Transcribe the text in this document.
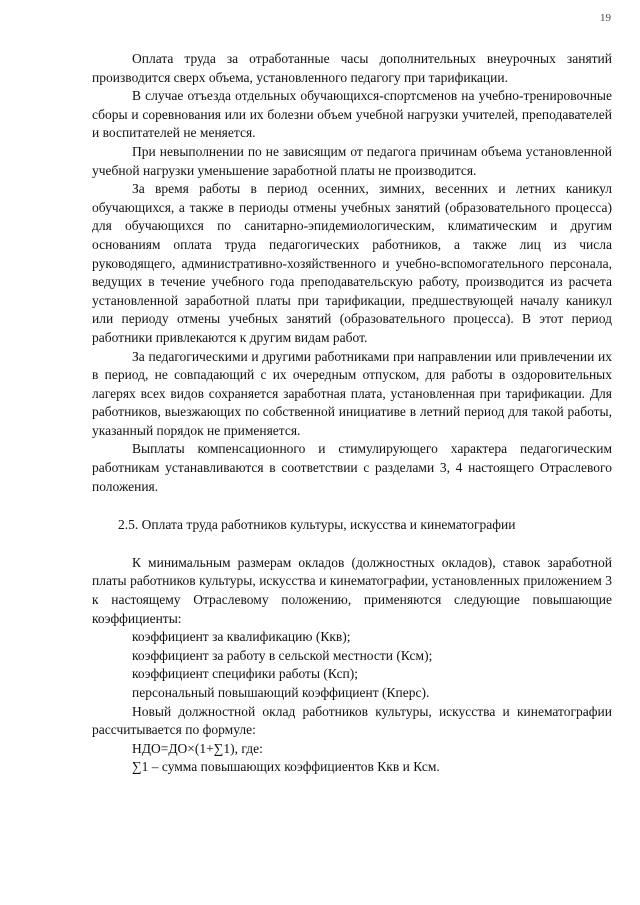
19

Оплата труда за отработанные часы дополнительных внеурочных занятий производится сверх объема, установленного педагогу при тарификации.

В случае отъезда отдельных обучающихся-спортсменов на учебно-тренировочные сборы и соревнования или их болезни объем учебной нагрузки учителей, преподавателей и воспитателей не меняется.

При невыполнении по не зависящим от педагога причинам объема установленной учебной нагрузки уменьшение заработной платы не производится.

За время работы в период осенних, зимних, весенних и летних каникул обучающихся, а также в периоды отмены учебных занятий (образовательного процесса) для обучающихся по санитарно-эпидемиологическим, климатическим и другим основаниям оплата труда педагогических работников, а также лиц из числа руководящего, административно-хозяйственного и учебно-вспомогательного персонала, ведущих в течение учебного года преподавательскую работу, производится из расчета установленной заработной платы при тарификации, предшествующей началу каникул или периоду отмены учебных занятий (образовательного процесса). В этот период работники привлекаются к другим видам работ.

За педагогическими и другими работниками при направлении или привлечении их в период, не совпадающий с их очередным отпуском, для работы в оздоровительных лагерях всех видов сохраняется заработная плата, установленная при тарификации. Для работников, выезжающих по собственной инициативе в летний период для такой работы, указанный порядок не применяется.

Выплаты компенсационного и стимулирующего характера педагогическим работникам устанавливаются в соответствии с разделами 3, 4 настоящего Отраслевого положения.

2.5. Оплата труда работников культуры, искусства и кинематографии

К минимальным размерам окладов (должностных окладов), ставок заработной платы работников культуры, искусства и кинематографии, установленных приложением 3 к настоящему Отраслевому положению, применяются следующие повышающие коэффициенты:

коэффициент за квалификацию (Ккв);

коэффициент за работу в сельской местности (Ксм);

коэффициент специфики работы (Ксп);

персональный повышающий коэффициент (Кперс).

Новый должностной оклад работников культуры, искусства и кинематографии рассчитывается по формуле:

НДО=ДО×(1+∑1), где:

∑1 – сумма повышающих коэффициентов Ккв и Ксм.
